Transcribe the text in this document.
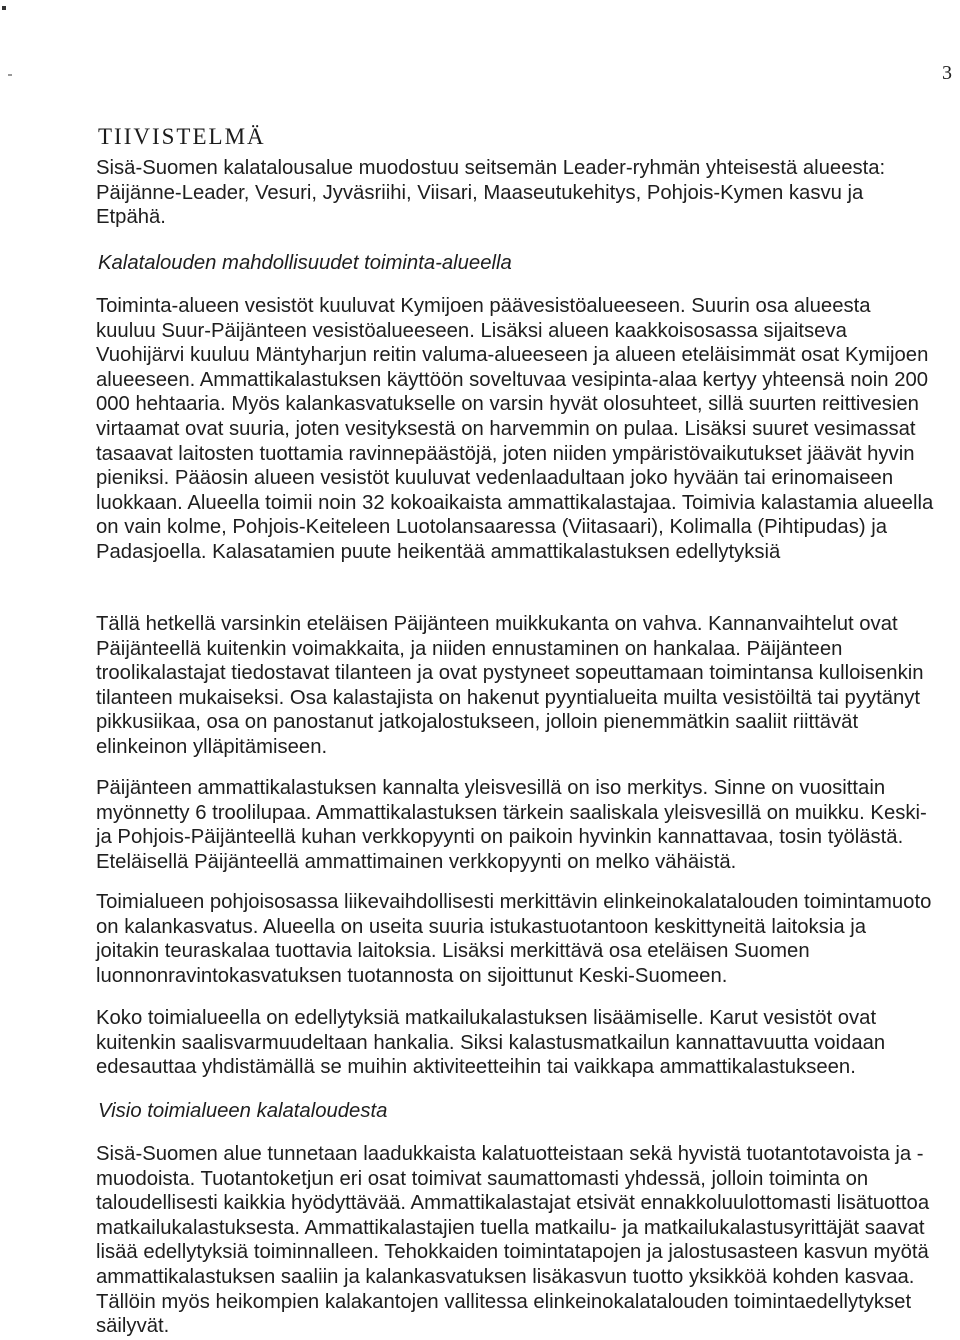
3
TIIVISTELMÄ

Sisä-Suomen kalatalousalue muodostuu seitsemän Leader-ryhmän yhteisestä alueesta: Päijänne-Leader, Vesuri, Jyväsriihi, Viisari, Maaseutukehitys, Pohjois-Kymen kasvu ja Etpähä.

Kalatalouden mahdollisuudet toiminta-alueella

Toiminta-alueen vesistöt kuuluvat Kymijoen päävesistöalueeseen. Suurin osa alueesta kuuluu Suur-Päijänteen vesistöalueeseen. Lisäksi alueen kaakkoisosassa sijaitseva Vuohijärvi kuuluu Mäntyharjun reitin valuma-alueeseen ja alueen eteläisimmät osat Kymijoen alueeseen. Ammattikalastuksen käyttöön soveltuvaa vesipinta-alaa kertyy yhteensä noin 200 000 hehtaaria. Myös kalankasvatukselle on varsin hyvät olosuhteet, sillä suurten reittivesien virtaamat ovat suuria, joten vesityksestä on harvemmin on pulaa. Lisäksi suuret vesimassat tasaavat laitosten tuottamia ravinnepäästöjä, joten niiden ympäristövaikutukset jäävät hyvin pieniksi. Pääosin alueen vesistöt kuuluvat vedenlaadultaan joko hyvään tai erinomaiseen luokkaan. Alueella toimii noin 32 kokoaikaista ammattikalastajaa. Toimivia kalastamia alueella on vain kolme, Pohjois-Keiteleen Luotolansaaressa (Viitasaari), Kolimalla (Pihtipudas) ja Padasjoella. Kalasatamien puute heikentää ammattikalastuksen edellytyksiä

Tällä hetkellä varsinkin eteläisen Päijänteen muikkukanta on vahva. Kannanvaihtelut ovat Päijänteellä kuitenkin voimakkaita, ja niiden ennustaminen on hankalaa. Päijänteen troolikalastajat tiedostavat tilanteen ja ovat pystyneet sopeuttamaan toimintansa kulloisenkin tilanteen mukaiseksi. Osa kalastajista on hakenut pyyntialueita muilta vesistöiltä tai pyytänyt pikkusiikaa, osa on panostanut jatkojalostukseen, jolloin pienemmätkin saaliit riittävät elinkeinon ylläpitämiseen.

Päijänteen ammattikalastuksen kannalta yleisvesillä on iso merkitys. Sinne on vuosittain myönnetty 6 troolilupaa. Ammattikalastuksen tärkein saaliskala yleisvesillä on muikku. Keski- ja Pohjois-Päijänteellä kuhan verkkopyynti on paikoin hyvinkin kannattavaa, tosin työlästä. Eteläisellä Päijänteellä ammattimainen verkkopyynti on melko vähäistä.

Toimialueen pohjoisosassa liikevaihdollisesti merkittävin elinkeinokalatalouden toimintamuoto on kalankasvatus. Alueella on useita suuria istukastuotantoon keskittyneitä laitoksia ja joitakin teuraskalaa tuottavia laitoksia. Lisäksi merkittävä osa eteläisen Suomen luonnonravintokasvatuksen tuotannosta on sijoittunut Keski-Suomeen.

Koko toimialueella on edellytyksiä matkailukalastuksen lisäämiselle. Karut vesistöt ovat kuitenkin saalisvarmuudeltaan hankalia. Siksi kalastusmatkailun kannattavuutta voidaan edesauttaa yhdistämällä se muihin aktiviteetteihin tai vaikkapa ammattikalastukseen.

Visio toimialueen kalataloudesta

Sisä-Suomen alue tunnetaan laadukkaista kalatuotteistaan sekä hyvistä tuotantotavoista ja -muodoista. Tuotantoketjun eri osat toimivat saumattomasti yhdessä, jolloin toiminta on taloudellisesti kaikkia hyödyttävää. Ammattikalastajat etsivät ennakkoluulottomasti lisätuottoa matkailukalastuksesta. Ammattikalastajien tuella matkailu- ja matkailukalastusyrittäjät saavat lisää edellytyksiä toiminnalleen. Tehokkaiden toimintatapojen ja jalostusasteen kasvun myötä ammattikalastuksen saaliin ja kalankasvatuksen lisäkasvun tuotto yksikköä kohden kasvaa. Tällöin myös heikompien kalakantojen vallitessa elinkeinokalatalouden toimintaedellytykset säilyvät.
